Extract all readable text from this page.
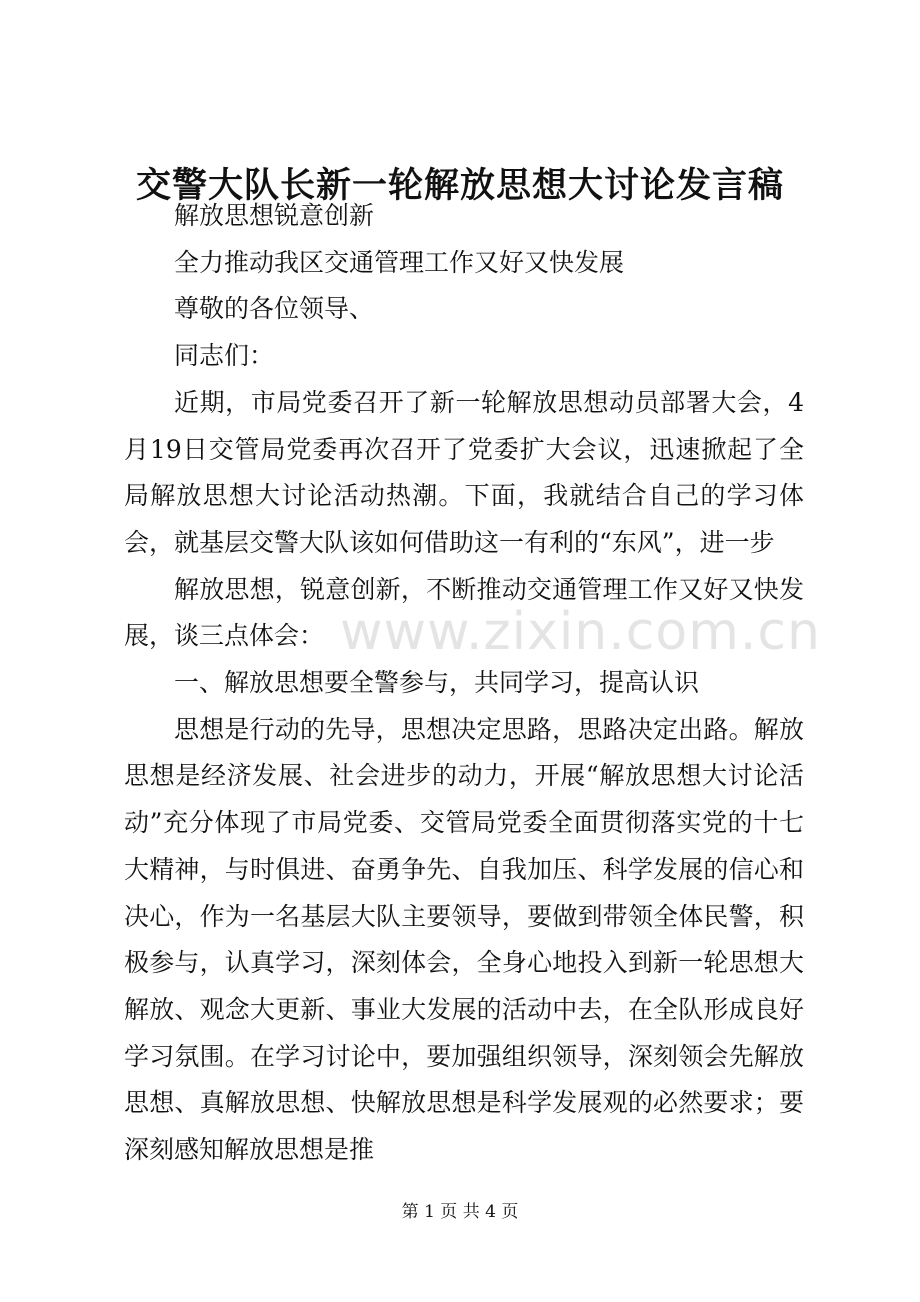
交警大队长新一轮解放思想大讨论发言稿

解放思想锐意创新

全力推动我区交通管理工作又好又快发展

尊敬的各位领导、

同志们：

近期，市局党委召开了新一轮解放思想动员部署大会，4月19日交管局党委再次召开了党委扩大会议，迅速掀起了全局解放思想大讨论活动热潮。下面，我就结合自己的学习体会，就基层交警大队该如何借助这一有利的“东风”，进一步

解放思想，锐意创新，不断推动交通管理工作又好又快发展，谈三点体会：

一、解放思想要全警参与，共同学习，提高认识

思想是行动的先导，思想决定思路，思路决定出路。解放思想是经济发展、社会进步的动力，开展“解放思想大讨论活动”充分体现了市局党委、交管局党委全面贯彻落实党的十七大精神，与时俱进、奋勇争先、自我加压、科学发展的信心和决心，作为一名基层大队主要领导，要做到带领全体民警，积极参与，认真学习，深刻体会，全身心地投入到新一轮思想大解放、观念大更新、事业大发展的活动中去，在全队形成良好学习氛围。在学习讨论中，要加强组织领导，深刻领会先解放思想、真解放思想、快解放思想是科学发展观的必然要求；要深刻感知解放思想是推

www.zixin.com.cn
第 1 页 共 4 页
